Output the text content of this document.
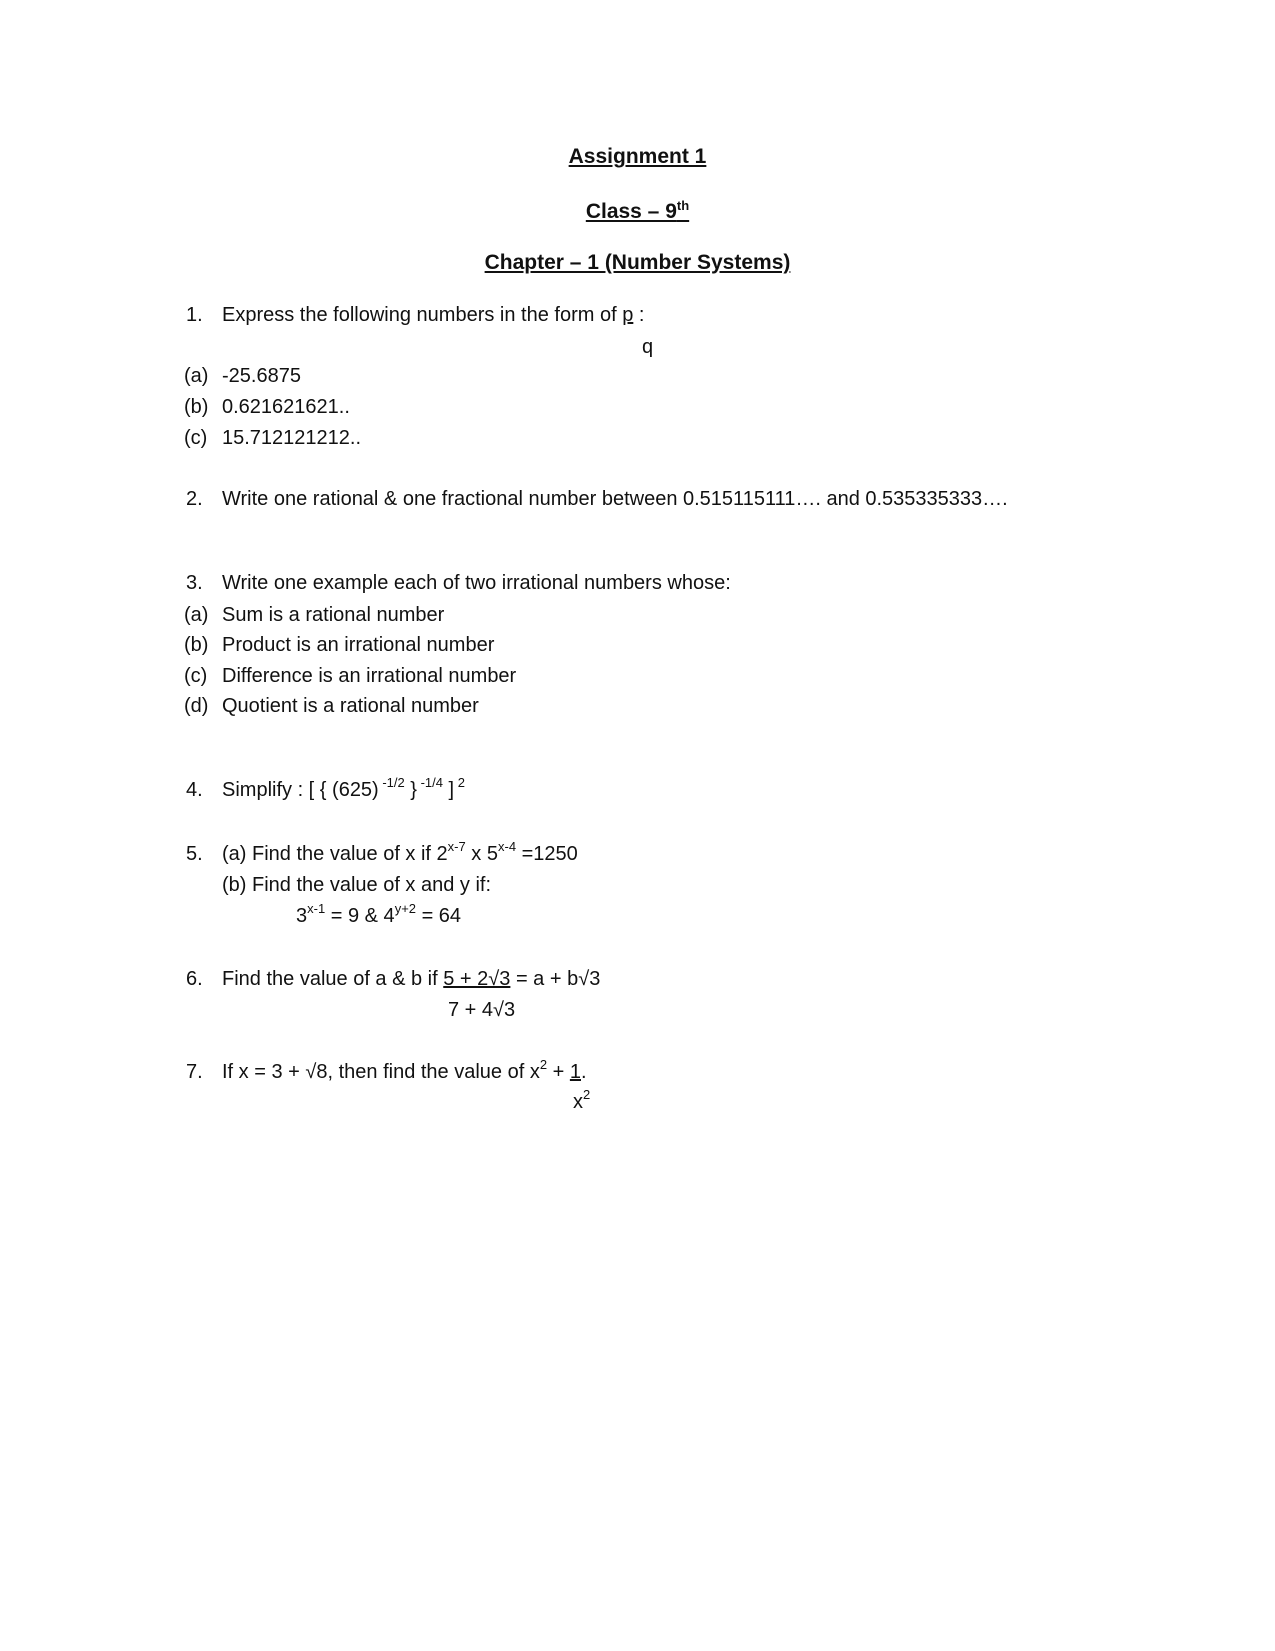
Assignment 1
Class – 9th
Chapter – 1 (Number Systems)
1. Express the following numbers in the form of p :
q
(a) -25.6875
(b) 0.621621621..
(c) 15.712121212..
2. Write one rational & one fractional number between 0.515115111…. and 0.535335333….
3. Write one example each of two irrational numbers whose:
(a) Sum is a rational number
(b) Product is an irrational number
(c) Difference is an irrational number
(d) Quotient is a rational number
4. Simplify : [ { (625) $^{-1/2}$ } $^{-1/4}$ ] $^2$
5. (a) Find the value of x if 2$^{x-7}$ x $5^{x-4} =1250$
(b) Find the value of x and y if:
$3^{x-1} = 9$ & $4^{y+2} = 64$
6. Find the value of a & b if 5 + 2√3 = a + b√3
7 + 4√3
7. If x = 3 + √8, then find the value of $x^2 + 1$.
$x^2$
